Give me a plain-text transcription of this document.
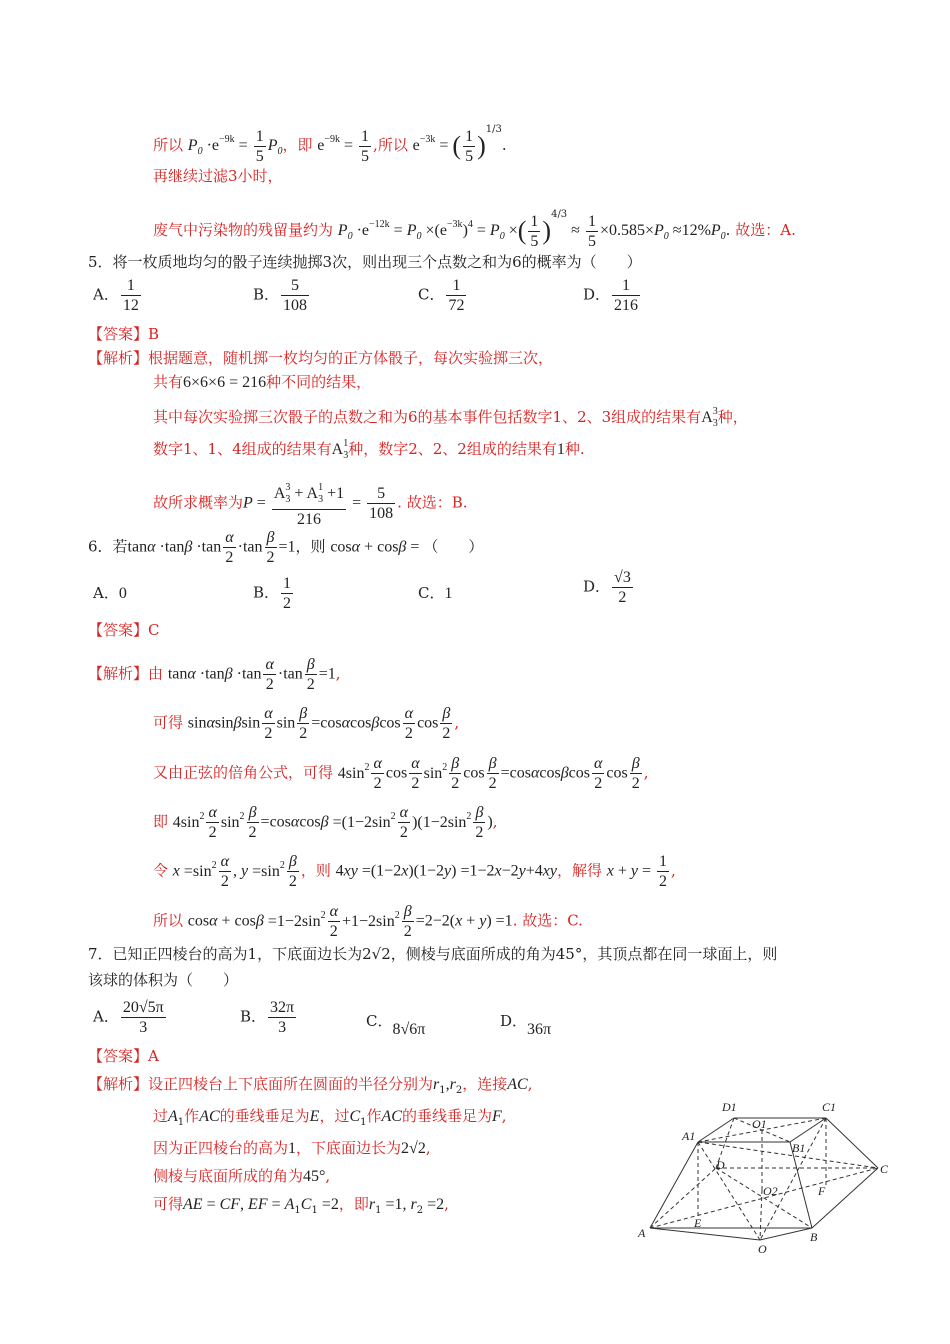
所以 $P_0 \cdot e^{-9k} = \frac{1}{5} P_0$，即 $e^{-9k} = \frac{1}{5}$ ,所以 $e^{-3k}$ = ( $\frac{1}{5} )^{1/3}$.
再继续过滤3小时，
废气中污染物的残留量约为 $P_0 \cdot e^{-12k} = P_0 \times(e^{-3k})^4 = P_0$ ×( $\frac{1}{5} )^{4/3} \approx \frac{1}{5} \times 0.585\times P_0 \approx 12\%P_0$. 故选：A.
5．将一枚质地均匀的骰子连续抛掷3次，则出现三个点数之和为6的概率为（　　）
A． $\frac{1}{12}$	B． $\frac{5}{108}$	C． $\frac{1}{72}$	D． $\frac{1}{216}$
【答案】B
【解析】根据题意，随机掷一枚均匀的正方体骰子，每次实验掷三次，
共有6×6×6 = 216种不同的结果，
其中每次实验掷三次骰子的点数之和为6的基本事件包括数字1、2、3组成的结果有$A_3^3$种，
数字1、1、4组成的结果有$A_3^1$种，数字2、2、2组成的结果有1种.
故所求概率为$P = \frac{A_3^3 + A_3^1 +1}{216} = \frac{5}{108}$ . 故选：B.
6．若$\tan\alpha \cdot\tan\beta \cdot\tan \frac{\alpha}{2} \cdot\tan \frac{\beta}{2} =1$，则 cosα + cosβ = （　　）
A．0	B． $\frac{1}{2}$	C．1	D． $\frac{√3}{2}$
【答案】C
【解析】由 $\tan\alpha \cdot\tan\beta \cdot\tan \frac{\alpha}{2} \cdot\tan \frac{\beta}{2} =1$,
可得 sinαsinβsin $\frac{\alpha}{2}$ $\sin \frac{\beta}{2} =\cos\alpha\cos\beta\cos \frac{\alpha}{2}$ $\cos \frac{\beta}{2}$ ,
又由正弦的倍角公式，可得 $4\sin^2 \frac{\alpha}{2}$ $\cos \frac{\alpha}{2} \sin^2 \frac{\beta}{2}$ $\cos \frac{\beta}{2} =\cos\alpha\cos\beta\cos \frac{\alpha}{2}$ $\cos \frac{\beta}{2}$ ,
即 $4\sin^2 \frac{\alpha}{2} \sin^2 \frac{\beta}{2} =\cos\alpha\cos\beta =(1-2\sin^2 \frac{\alpha}{2} )(1-2\sin^2 \frac{\beta}{2}$ ),
令 $x =\sin^2 \frac{\alpha}{2}$ , $y =\sin^2 \frac{\beta}{2}$ ，则 4xy =(1−2x)(1−2y) =1−2x−2y+4xy，解得 $x + y = \frac{1}{2}$ ,
所以 $\cos\alpha + \cos\beta =1-2\sin^2 \frac{\alpha}{2} +1-2\sin^2 \frac{\beta}{2} =2-2(x + y) =1$. 故选：C.
7．已知正四棱台的高为1，下底面边长为2√2，侧棱与底面所成的角为45°，其顶点都在同一球面上，则
该球的体积为（　　）
A． $\frac{20√5\pi}{3}$	B． $\frac{32\pi}{3}$	C．8√6π	D．36π
【答案】A
【解析】设正四棱台上下底面所在圆面的半径分别为$r_1,r_2$，连接AC,
过$A_1$作AC的垂线垂足为E，过$C_1$作AC的垂线垂足为F,
因为正四棱台的高为1，下底面边长为2√2,
侧棱与底面所成的角为45°,
可得AE = CF, EF = $A_1C_1 =2$，即$r_1 =1$, $r_2 =2$,
D1	C1
O1
B1
A1
D	C
O2	F
E
A
O
B
